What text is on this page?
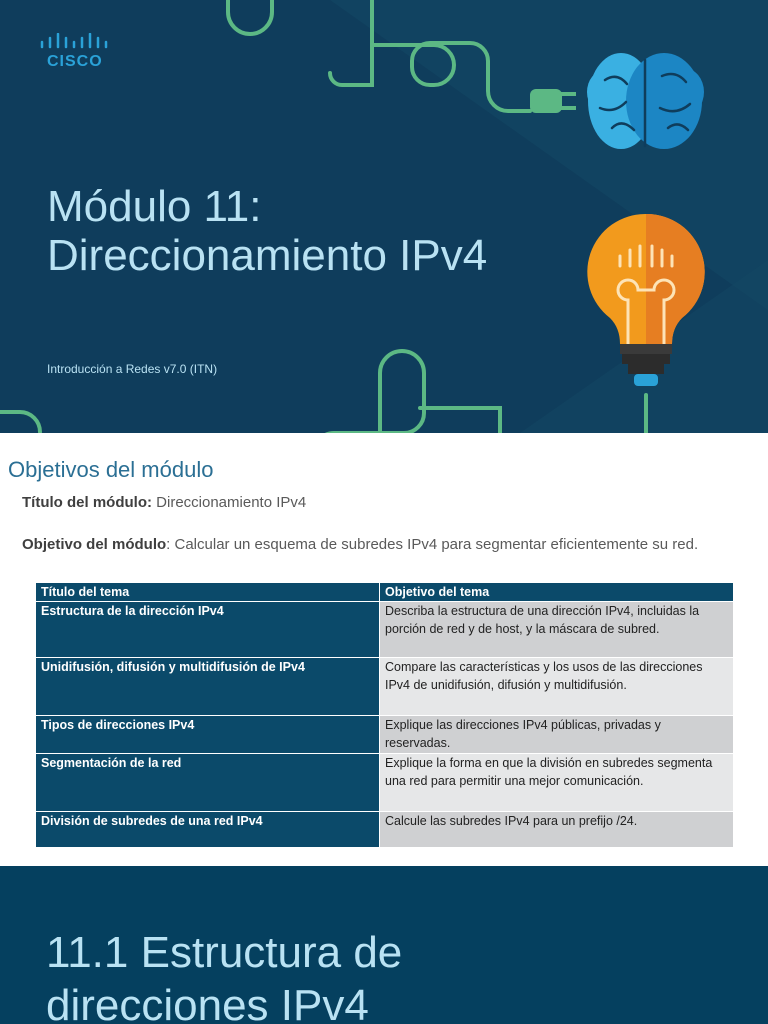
CISCO
Módulo 11:
Direccionamiento IPv4
Introducción a Redes v7.0 (ITN)
Objetivos del módulo
Título del módulo: Direccionamiento IPv4
Objetivo del módulo: Calcular un esquema de subredes IPv4 para segmentar eficientemente su red.
Título del tema	Objetivo del tema
Estructura de la dirección IPv4	Describa la estructura de una dirección IPv4, incluidas la porción de red y de host, y la máscara de subred.
Unidifusión, difusión y multidifusión de IPv4	Compare las características y los usos de las direcciones IPv4 de unidifusión, difusión y multidifusión.
Tipos de direcciones IPv4	Explique las direcciones IPv4 públicas, privadas y reservadas.
Segmentación de la red	Explique la forma en que la división en subredes segmenta una red para permitir una mejor comunicación.
División de subredes de una red IPv4	Calcule las subredes IPv4 para un prefijo /24.
11.1 Estructura de
direcciones IPv4
